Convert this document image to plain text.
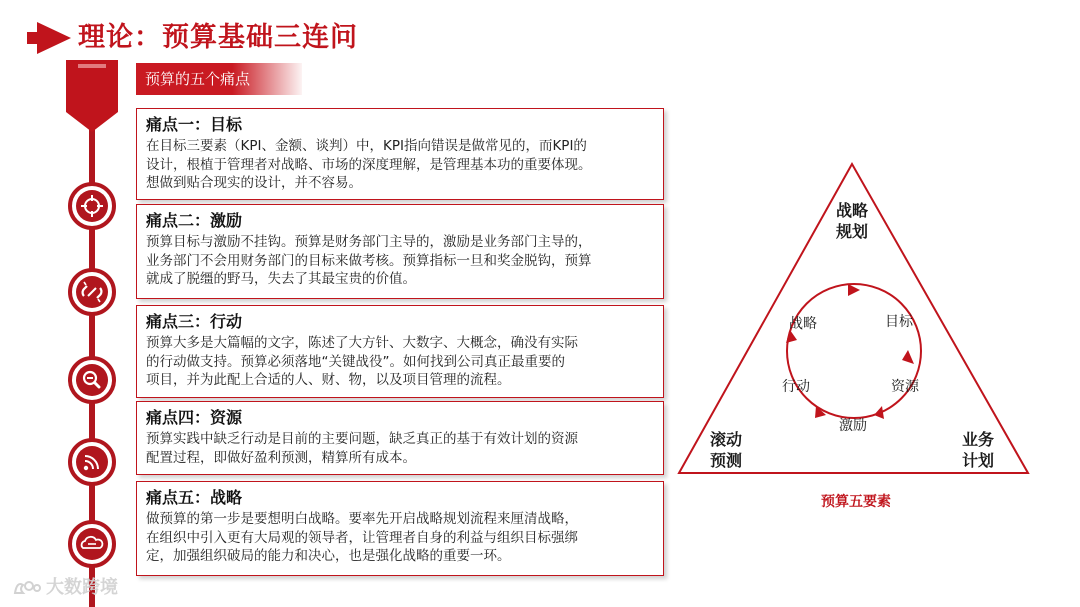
理论：预算基础三连问
预算的五个痛点
痛点一：目标
在目标三要素（KPI、金额、谈判）中，KPI指向错误是做常见的，而KPI的
设计，根植于管理者对战略、市场的深度理解，是管理基本功的重要体现。
想做到贴合现实的设计，并不容易。
痛点二：激励
预算目标与激励不挂钩。预算是财务部门主导的，激励是业务部门主导的，
业务部门不会用财务部门的目标来做考核。预算指标一旦和奖金脱钩，预算
就成了脱缰的野马，失去了其最宝贵的价值。
痛点三：行动
预算大多是大篇幅的文字，陈述了大方针、大数字、大概念，确没有实际
的行动做支持。预算必须落地“关键战役”。如何找到公司真正最重要的
项目，并为此配上合适的人、财、物，以及项目管理的流程。
痛点四：资源
预算实践中缺乏行动是目前的主要问题，缺乏真正的基于有效计划的资源
配置过程，即做好盈利预测，精算所有成本。
痛点五：战略
做预算的第一步是要想明白战略。要率先开启战略规划流程来厘清战略，
在组织中引入更有大局观的领导者，让管理者自身的利益与组织目标强绑
定，加强组织破局的能力和决心，也是强化战略的重要一环。
战略
规划
滚动
预测
业务
计划
目标
资源
激励
行动
战略
预算五要素
大数跨境
